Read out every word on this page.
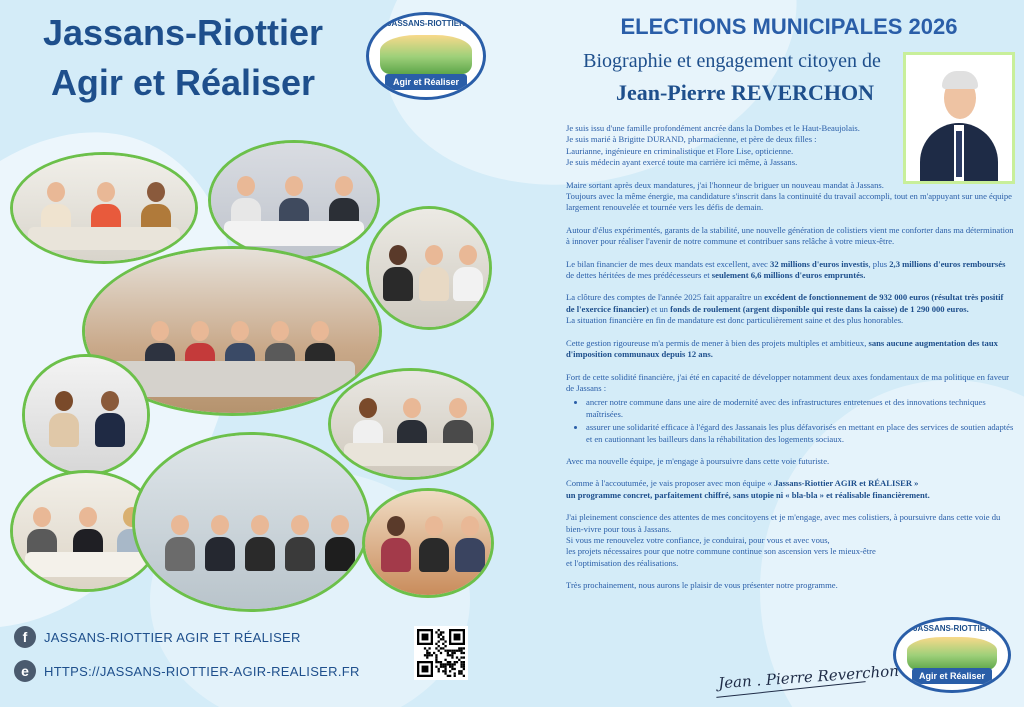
Jassans-Riottier
Agir et Réaliser
JASSANS-RIOTTIER
Agir et Réaliser
f	JASSANS-RIOTTIER AGIR ET RÉALISER
e	HTTPS://JASSANS-RIOTTIER-AGIR-REALISER.FR
ELECTIONS MUNICIPALES 2026
Biographie et engagement citoyen de
Jean-Pierre REVERCHON

Je suis issu d'une famille profondément ancrée dans la Dombes et le Haut-Beaujolais.
Je suis marié à Brigitte DURAND, pharmacienne, et père de deux filles :
Laurianne, ingénieure en criminalistique et Flore Lise, opticienne.
Je suis médecin ayant exercé toute ma carrière ici même, à Jassans.

Maire sortant après deux mandatures, j'ai l'honneur de briguer un nouveau mandat à Jassans.
Toujours avec la même énergie, ma candidature s'inscrit dans la continuité du travail accompli, tout en m'appuyant sur une équipe largement renouvelée et tournée vers les défis de demain.

Autour d'élus expérimentés, garants de la stabilité, une nouvelle génération de colistiers vient me conforter dans ma détermination à innover pour réaliser l'avenir de notre commune et contribuer sans relâche à votre mieux-être.

Le bilan financier de mes deux mandats est excellent, avec 32 millions d'euros investis, plus 2,3 millions d'euros remboursés de dettes héritées de mes prédécesseurs et seulement 6,6 millions d'euros empruntés.

La clôture des comptes de l'année 2025 fait apparaître un excédent de fonctionnement de 932 000 euros (résultat très positif de l'exercice financier) et un fonds de roulement (argent disponible qui reste dans la caisse) de 1 290 000 euros.
La situation financière en fin de mandature est donc particulièrement saine et des plus honorables.

Cette gestion rigoureuse m'a permis de mener à bien des projets multiples et ambitieux, sans aucune augmentation des taux d'imposition communaux depuis 12 ans.

Fort de cette solidité financière, j'ai été en capacité de développer notamment deux axes fondamentaux de ma politique en faveur de Jassans :

• ancrer notre commune dans une aire de modernité avec des infrastructures entretenues et des innovations techniques maîtrisées.
• assurer une solidarité efficace à l'égard des Jassanais les plus défavorisés en mettant en place des services de soutien adaptés et en cautionnant les bailleurs dans la réhabilitation des logements sociaux.

Avec ma nouvelle équipe, je m'engage à poursuivre dans cette voie futuriste.

Comme à l'accoutumée, je vais proposer avec mon équipe « Jassans-Riottier AGIR et RÉALISER »
un programme concret, parfaitement chiffré, sans utopie ni « bla-bla » et réalisable financièrement.

J'ai pleinement conscience des attentes de mes concitoyens et je m'engage, avec mes colistiers, à poursuivre dans cette voie du bien-vivre pour tous à Jassans.
Si vous me renouvelez votre confiance, je conduirai, pour vous et avec vous,
les projets nécessaires pour que notre commune continue son ascension vers le mieux-être
et l'optimisation des réalisations.

Très prochainement, nous aurons le plaisir de vous présenter notre programme.

Jean . Pierre Reverchon
JASSANS-RIOTTIER
Agir et Réaliser
